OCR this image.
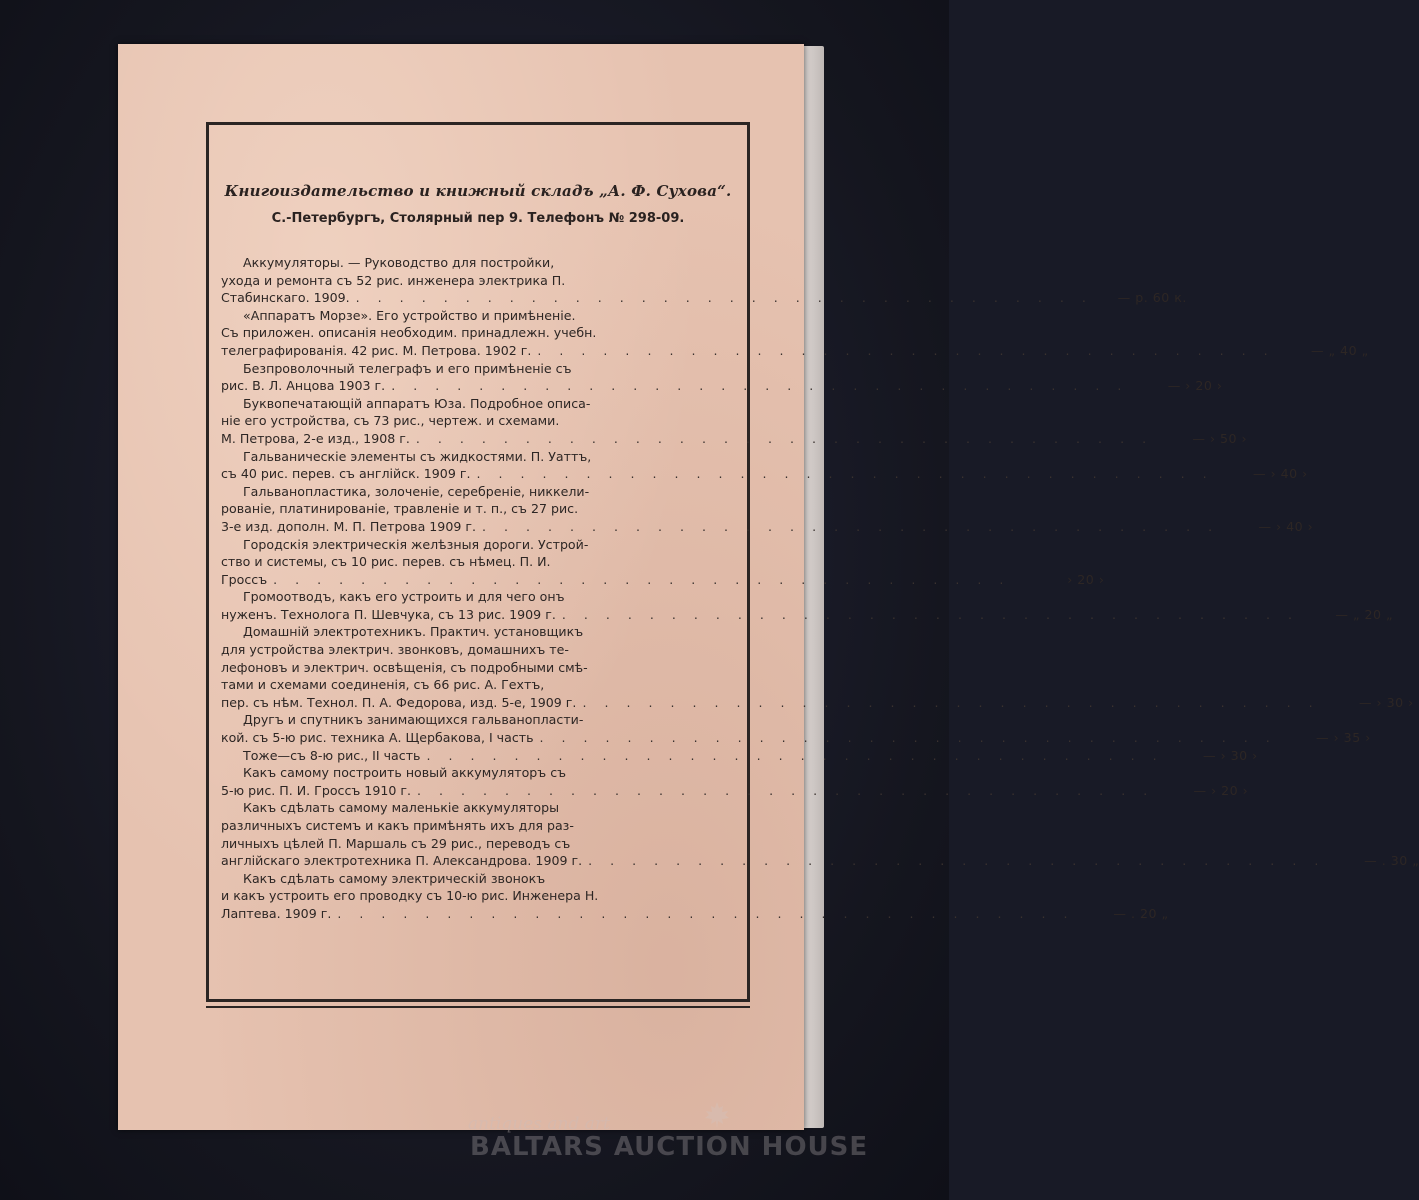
Книгоиздательство и книжный складъ „А. Ф. Сухова“.
С.-Петербургъ, Столярный пер 9. Телефонъ № 298-09.
Аккумуляторы. — Руководство для постройки,
ухода и ремонта съ 52 рис. инженера электрика П.
Стабинскаго. 1909. . . . . . . . . . . . . . . . . . . . . . . . . . . . . . . . . . .	— р. 60 к.
«Аппаратъ Морзе». Его устройство и примѣненіе.
Съ приложен. описанія необходим. принадлежн. учебн.
телеграфированія. 42 рис. М. Петрова. 1902 г. . . . . . . . . . . . . . . . . . . . . . . . . . . . . . . . . . .	— „ 40 „
Безпроволочный телеграфъ и его примѣненіе съ
рис. В. Л. Анцова 1903 г. . . . . . . . . . . . . . . . . . . . . . . . . . . . . . . . . . .	— › 20 ›
Буквопечатающій аппаратъ Юза. Подробное описа-
ніе его устройства, съ 73 рис., чертеж. и схемами.
М. Петрова, 2-е изд., 1908 г. . . . . . . . . . . . . . . . . . . . . . . . . . . . . . . . . . .	— › 50 ›
Гальваническіе элементы съ жидкостями. П. Уаттъ,
съ 40 рис. перев. съ англійск. 1909 г. . . . . . . . . . . . . . . . . . . . . . . . . . . . . . . . . . .	— › 40 ›
Гальванопластика, золоченіе, серебреніе, никкели-
рованіе, платинированіе, травленіе и т. п., съ 27 рис.
3-е изд. дополн. М. П. Петрова 1909 г. . . . . . . . . . . . . . . . . . . . . . . . . . . . . . . . . . .	— › 40 ›
Городскія электрическія желѣзныя дороги. Устрой-
ство и системы, съ 10 рис. перев. съ нѣмец. П. И.
Гроссъ . . . . . . . . . . . . . . . . . . . . . . . . . . . . . . . . . .	› 20 ›
Громоотводъ, какъ его устроить и для чего онъ
нуженъ. Технолога П. Шевчука, съ 13 рис. 1909 г. . . . . . . . . . . . . . . . . . . . . . . . . . . . . . . . . . .	— „ 20 „
Домашній электротехникъ. Практич. установщикъ
для устройства электрич. звонковъ, домашнихъ те-
лефоновъ и электрич. освѣщенія, съ подробными смѣ-
тами и схемами соединенія, съ 66 рис. А. Гехтъ,
пер. съ нѣм. Технол. П. А. Федорова, изд. 5-е, 1909 г. . . . . . . . . . . . . . . . . . . . . . . . . . . . . . . . . . .	— › 30 ›
Другъ и спутникъ занимающихся гальванопласти-
кой. съ 5-ю рис. техника А. Щербакова, I часть . . . . . . . . . . . . . . . . . . . . . . . . . . . . . . . . . .	— › 35 ›
Тоже—съ 8-ю рис., II часть . . . . . . . . . . . . . . . . . . . . . . . . . . . . . . . . . .	— › 30 ›
Какъ самому построить новый аккумуляторъ съ
5-ю рис. П. И. Гроссъ 1910 г. . . . . . . . . . . . . . . . . . . . . . . . . . . . . . . . . . .	— › 20 ›
Какъ сдѣлать самому маленькіе аккумуляторы
различныхъ системъ и какъ примѣнять ихъ для раз-
личныхъ цѣлей П. Маршаль съ 29 рис., переводъ съ
англійскаго электротехника П. Александрова. 1909 г. . . . . . . . . . . . . . . . . . . . . . . . . . . . . . . . . . .	— . 30 „
Какъ сдѣлать самому электрическій звонокъ
и какъ устроить его проводку съ 10-ю рис. Инженера Н.
Лаптева. 1909 г. . . . . . . . . . . . . . . . . . . . . . . . . . . . . . . . . . .	— . 20 „
antiques and art
BALTARS AUCTION HOUSE
